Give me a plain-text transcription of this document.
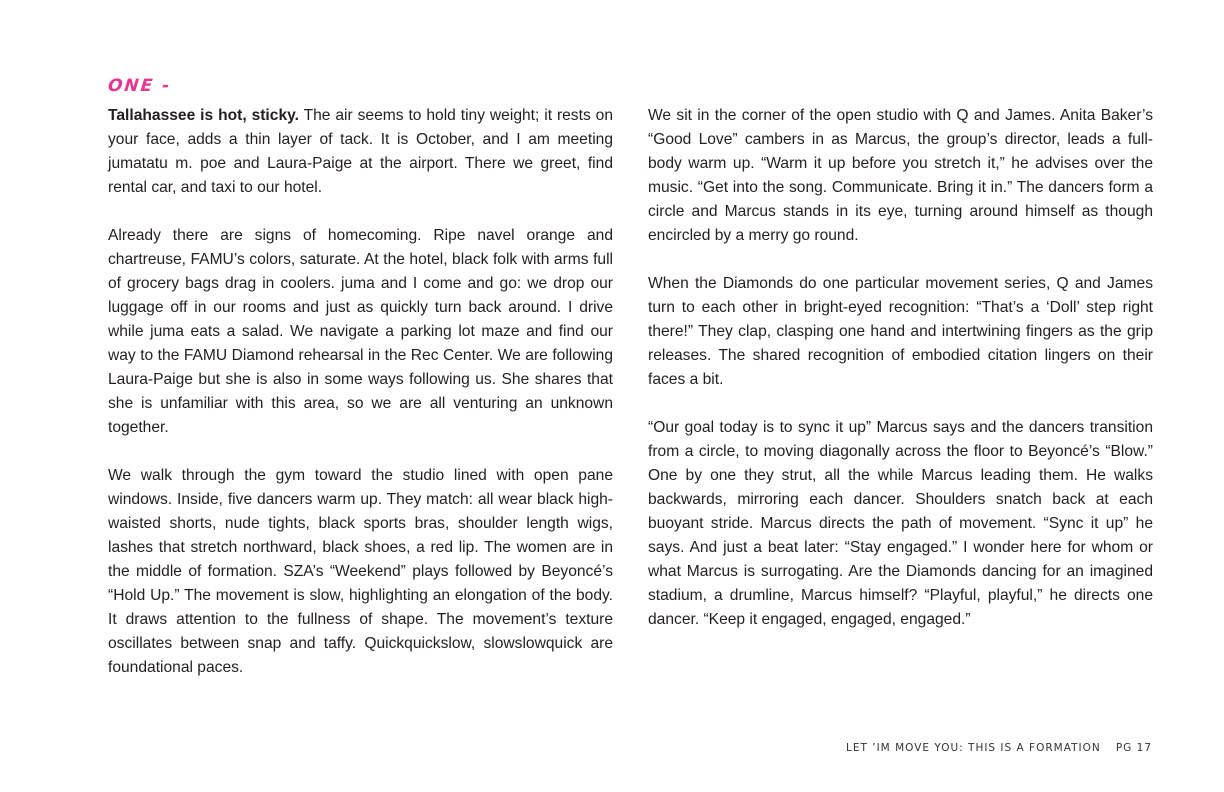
ONE -

Tallahassee is hot, sticky. The air seems to hold tiny weight; it rests on your face, adds a thin layer of tack. It is October, and I am meeting jumatatu m. poe and Laura-Paige at the airport. There we greet, find rental car, and taxi to our hotel.

Already there are signs of homecoming. Ripe navel orange and chartreuse, FAMU’s colors, saturate. At the hotel, black folk with arms full of grocery bags drag in coolers. juma and I come and go: we drop our luggage off in our rooms and just as quickly turn back around. I drive while juma eats a salad. We navigate a parking lot maze and find our way to the FAMU Diamond rehearsal in the Rec Center. We are following Laura-Paige but she is also in some ways following us. She shares that she is unfamiliar with this area, so we are all venturing an unknown together.

We walk through the gym toward the studio lined with open pane windows. Inside, five dancers warm up. They match: all wear black high-waisted shorts, nude tights, black sports bras, shoulder length wigs, lashes that stretch northward, black shoes, a red lip. The women are in the middle of formation. SZA’s “Weekend” plays followed by Beyoncé’s “Hold Up.” The movement is slow, highlighting an elongation of the body. It draws attention to the fullness of shape. The movement’s texture oscillates between snap and taffy. Quickquickslow, slowslowquick are foundational paces.

We sit in the corner of the open studio with Q and James. Anita Baker’s “Good Love” cambers in as Marcus, the group’s director, leads a full-body warm up. “Warm it up before you stretch it,” he advises over the music. “Get into the song. Communicate. Bring it in.” The dancers form a circle and Marcus stands in its eye, turning around himself as though encircled by a merry go round.

When the Diamonds do one particular movement series, Q and James turn to each other in bright-eyed recognition: “That’s a ‘Doll’ step right there!” They clap, clasping one hand and intertwining fingers as the grip releases. The shared recognition of embodied citation lingers on their faces a bit.

“Our goal today is to sync it up” Marcus says and the dancers transition from a circle, to moving diagonally across the floor to Beyoncé’s “Blow.” One by one they strut, all the while Marcus leading them. He walks backwards, mirroring each dancer. Shoulders snatch back at each buoyant stride. Marcus directs the path of movement. “Sync it up” he says. And just a beat later: “Stay engaged.” I wonder here for whom or what Marcus is surrogating. Are the Diamonds dancing for an imagined stadium, a drumline, Marcus himself? “Playful, playful,” he directs one dancer. “Keep it engaged, engaged, engaged.”

LET ’IM MOVE YOU: THIS IS A FORMATION PG 17
